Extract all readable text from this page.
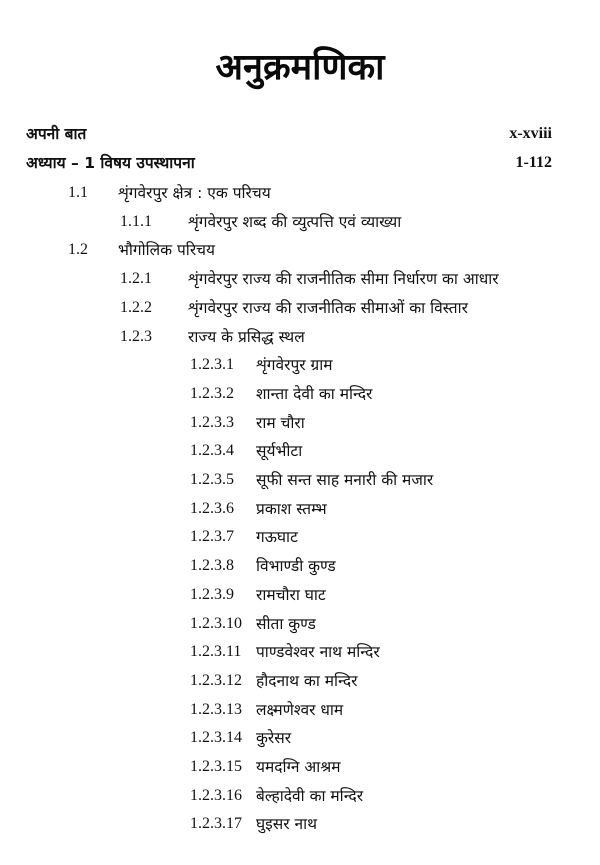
अनुक्रमणिका
अपनी बात	x-xviii
अध्याय – 1 विषय उपस्थापना	1-112
1.1 शृंगवेरपुर क्षेत्र : एक परिचय
1.1.1 शृंगवेरपुर शब्द की व्युत्पत्ति एवं व्याख्या
1.2 भौगोलिक परिचय
1.2.1 शृंगवेरपुर राज्य की राजनीतिक सीमा निर्धारण का आधार
1.2.2 शृंगवेरपुर राज्य की राजनीतिक सीमाओं का विस्तार
1.2.3 राज्य के प्रसिद्ध स्थल
1.2.3.1 शृंगवेरपुर ग्राम
1.2.3.2 शान्ता देवी का मन्दिर
1.2.3.3 राम चौरा
1.2.3.4 सूर्यभीटा
1.2.3.5 सूफी सन्त साह मनारी की मजार
1.2.3.6 प्रकाश स्तम्भ
1.2.3.7 गऊघाट
1.2.3.8 विभाण्डी कुण्ड
1.2.3.9 रामचौरा घाट
1.2.3.10 सीता कुण्ड
1.2.3.11 पाण्डवेश्वर नाथ मन्दिर
1.2.3.12 हौदनाथ का मन्दिर
1.2.3.13 लक्ष्मणेश्वर धाम
1.2.3.14 कुरेसर
1.2.3.15 यमदग्नि आश्रम
1.2.3.16 बेल्हादेवी का मन्दिर
1.2.3.17 घुइसर नाथ
